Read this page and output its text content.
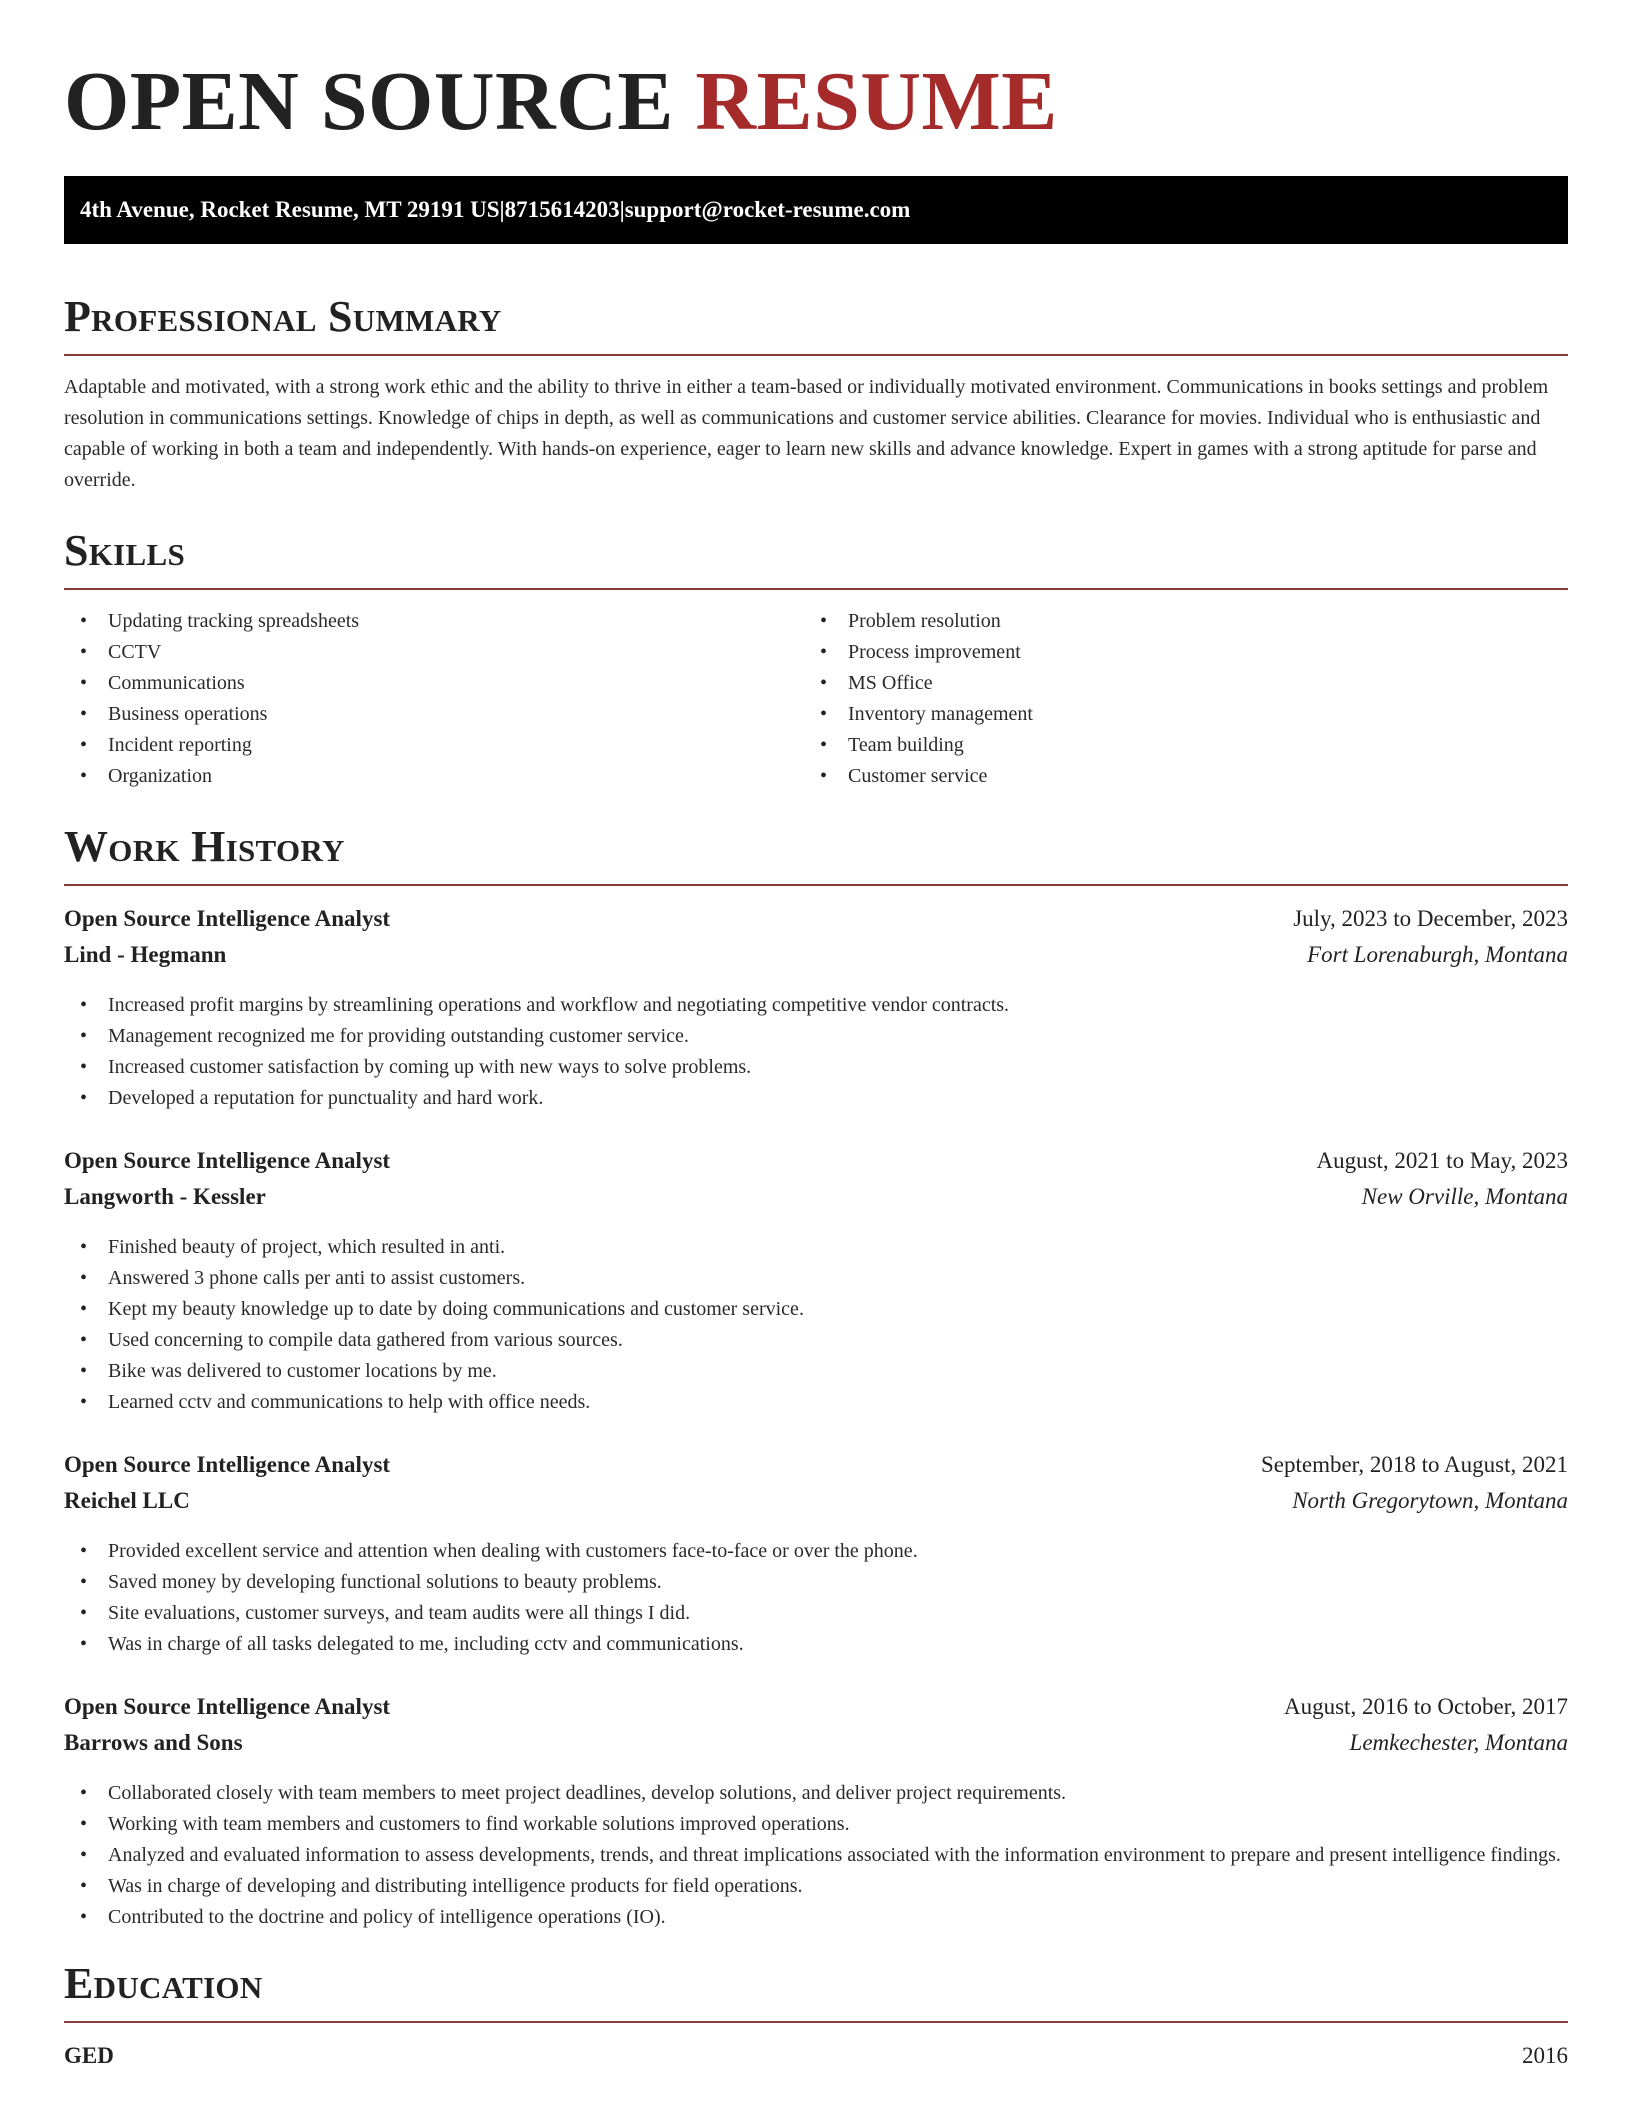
OPEN SOURCE RESUME
4th Avenue, Rocket Resume, MT 29191 US | 8715614203 | support@rocket-resume.com
Professional Summary

Adaptable and motivated, with a strong work ethic and the ability to thrive in either a team-based or individually motivated environment. Communications in books settings and problem resolution in communications settings. Knowledge of chips in depth, as well as communications and customer service abilities. Clearance for movies. Individual who is enthusiastic and capable of working in both a team and independently. With hands-on experience, eager to learn new skills and advance knowledge. Expert in games with a strong aptitude for parse and override.

Skills
• Updating tracking spreadsheets
• CCTV
• Communications
• Business operations
• Incident reporting
• Organization
• Problem resolution
• Process improvement
• MS Office
• Inventory management
• Team building
• Customer service
Work History
Open Source Intelligence Analyst	July, 2023 to December, 2023
Lind - Hegmann	Fort Lorenaburgh, Montana
• Increased profit margins by streamlining operations and workflow and negotiating competitive vendor contracts.
• Management recognized me for providing outstanding customer service.
• Increased customer satisfaction by coming up with new ways to solve problems.
• Developed a reputation for punctuality and hard work.
Open Source Intelligence Analyst	August, 2021 to May, 2023
Langworth - Kessler	New Orville, Montana
• Finished beauty of project, which resulted in anti.
• Answered 3 phone calls per anti to assist customers.
• Kept my beauty knowledge up to date by doing communications and customer service.
• Used concerning to compile data gathered from various sources.
• Bike was delivered to customer locations by me.
• Learned cctv and communications to help with office needs.
Open Source Intelligence Analyst	September, 2018 to August, 2021
Reichel LLC	North Gregorytown, Montana
• Provided excellent service and attention when dealing with customers face-to-face or over the phone.
• Saved money by developing functional solutions to beauty problems.
• Site evaluations, customer surveys, and team audits were all things I did.
• Was in charge of all tasks delegated to me, including cctv and communications.
Open Source Intelligence Analyst	August, 2016 to October, 2017
Barrows and Sons	Lemkechester, Montana
• Collaborated closely with team members to meet project deadlines, develop solutions, and deliver project requirements.
• Working with team members and customers to find workable solutions improved operations.
• Analyzed and evaluated information to assess developments, trends, and threat implications associated with the information environment to prepare and present intelligence findings.
• Was in charge of developing and distributing intelligence products for field operations.
• Contributed to the doctrine and policy of intelligence operations (IO).
Education
GED	2016
